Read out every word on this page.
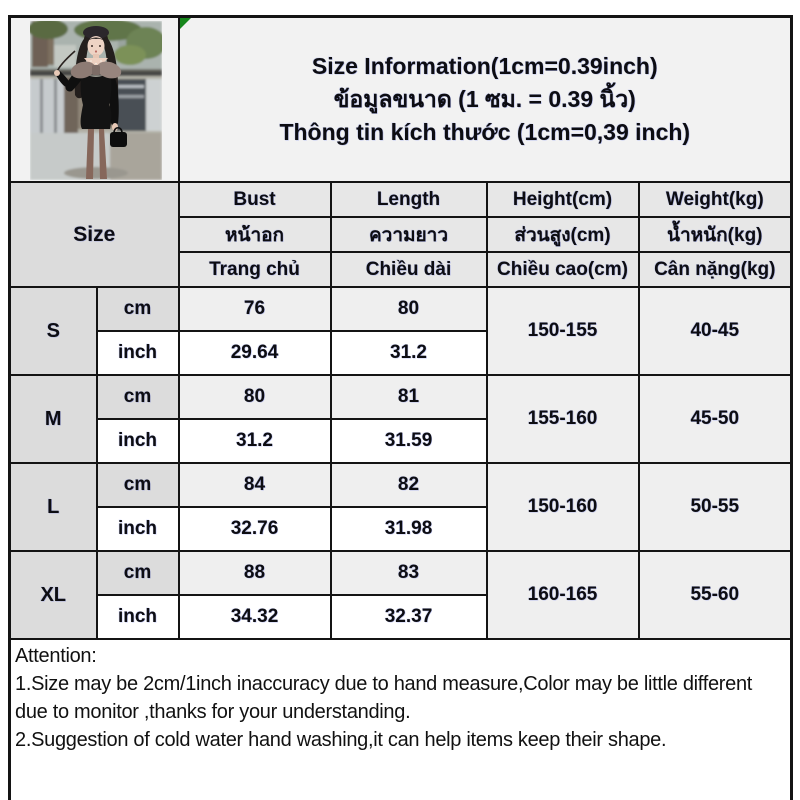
Size Information(1cm=0.39inch)
ข้อมูลขนาด (1 ซม. = 0.39 นิ้ว)
Thông tin kích thước (1cm=0,39 inch)			

Size		Bust	Length	Height(cm)	Weight(kg)
		หน้าอก	ความยาว	ส่วนสูง(cm)	น้ำหนัก(kg)
		Trang chủ	Chiều dài	Chiều cao(cm)	Cân nặng(kg)
S	cm	76	80	150-155	40-45
	inch	29.64	31.2		
M	cm	80	81	155-160	45-50
	inch	31.2	31.59		
L	cm	84	82	150-160	50-55
	inch	32.76	31.98		
XL	cm	88	83	160-165	55-60
	inch	34.32	32.37		

Attention:
1.Size may be 2cm/1inch inaccuracy due to hand measure,Color may be little different due to monitor ,thanks for your understanding.
2.Suggestion of cold water hand washing,it can help items keep their shape.					
